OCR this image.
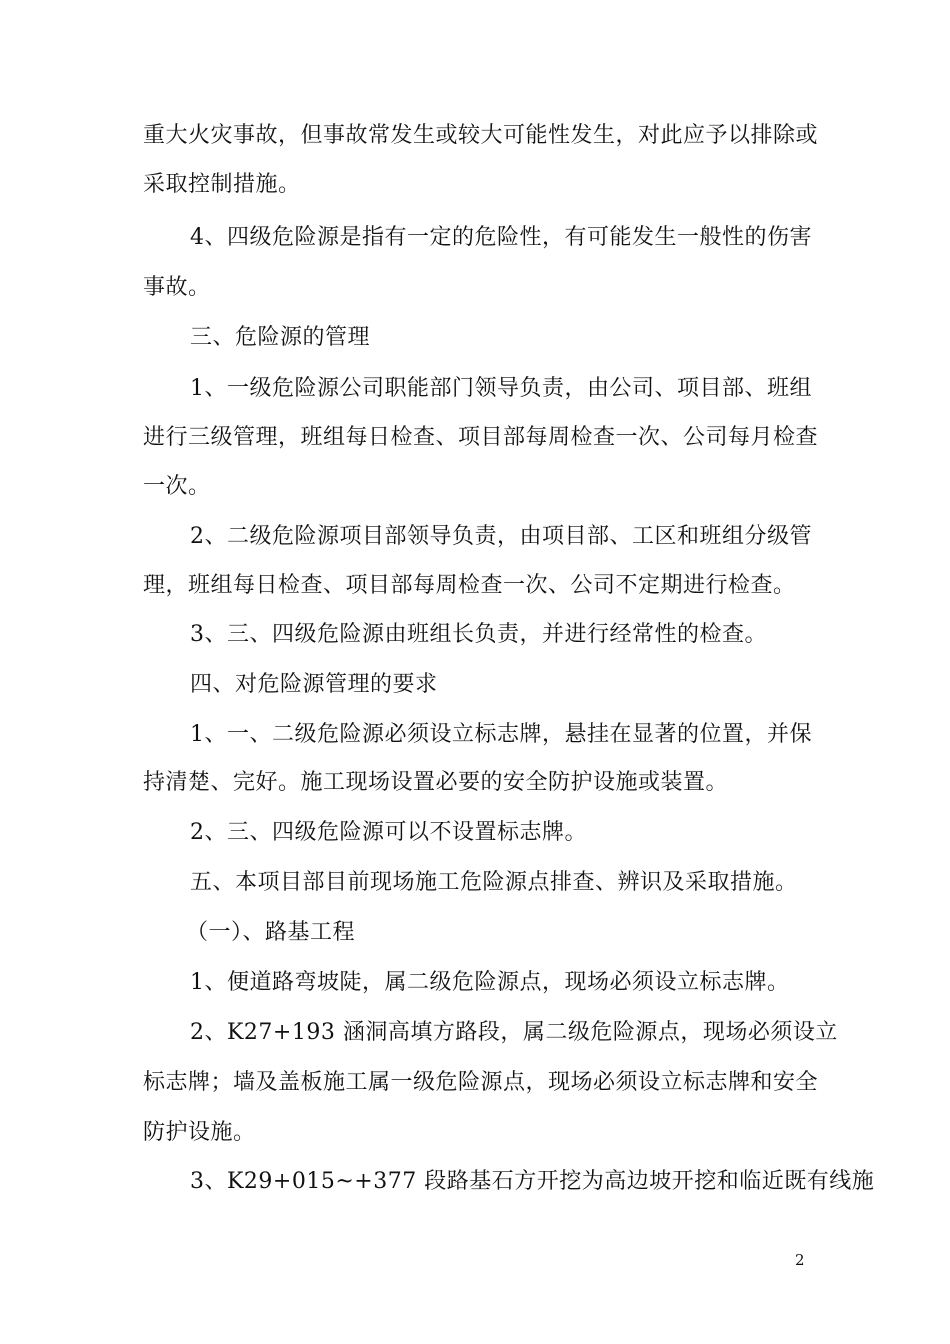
重大火灾事故，但事故常发生或较大可能性发生，对此应予以排除或
采取控制措施。
4、四级危险源是指有一定的危险性，有可能发生一般性的伤害
事故。
三、危险源的管理
1、一级危险源公司职能部门领导负责，由公司、项目部、班组
进行三级管理，班组每日检查、项目部每周检查一次、公司每月检查
一次。
2、二级危险源项目部领导负责，由项目部、工区和班组分级管
理，班组每日检查、项目部每周检查一次、公司不定期进行检查。
3、三、四级危险源由班组长负责，并进行经常性的检查。
四、对危险源管理的要求
1、一、二级危险源必须设立标志牌，悬挂在显著的位置，并保
持清楚、完好。施工现场设置必要的安全防护设施或装置。
2、三、四级危险源可以不设置标志牌。
五、本项目部目前现场施工危险源点排查、辨识及采取措施。
（一）、路基工程
1、便道路弯坡陡，属二级危险源点，现场必须设立标志牌。
2、K27+193 涵洞高填方路段，属二级危险源点，现场必须设立
标志牌；墙及盖板施工属一级危险源点，现场必须设立标志牌和安全
防护设施。
3、K29+015~+377 段路基石方开挖为高边坡开挖和临近既有线施
2
